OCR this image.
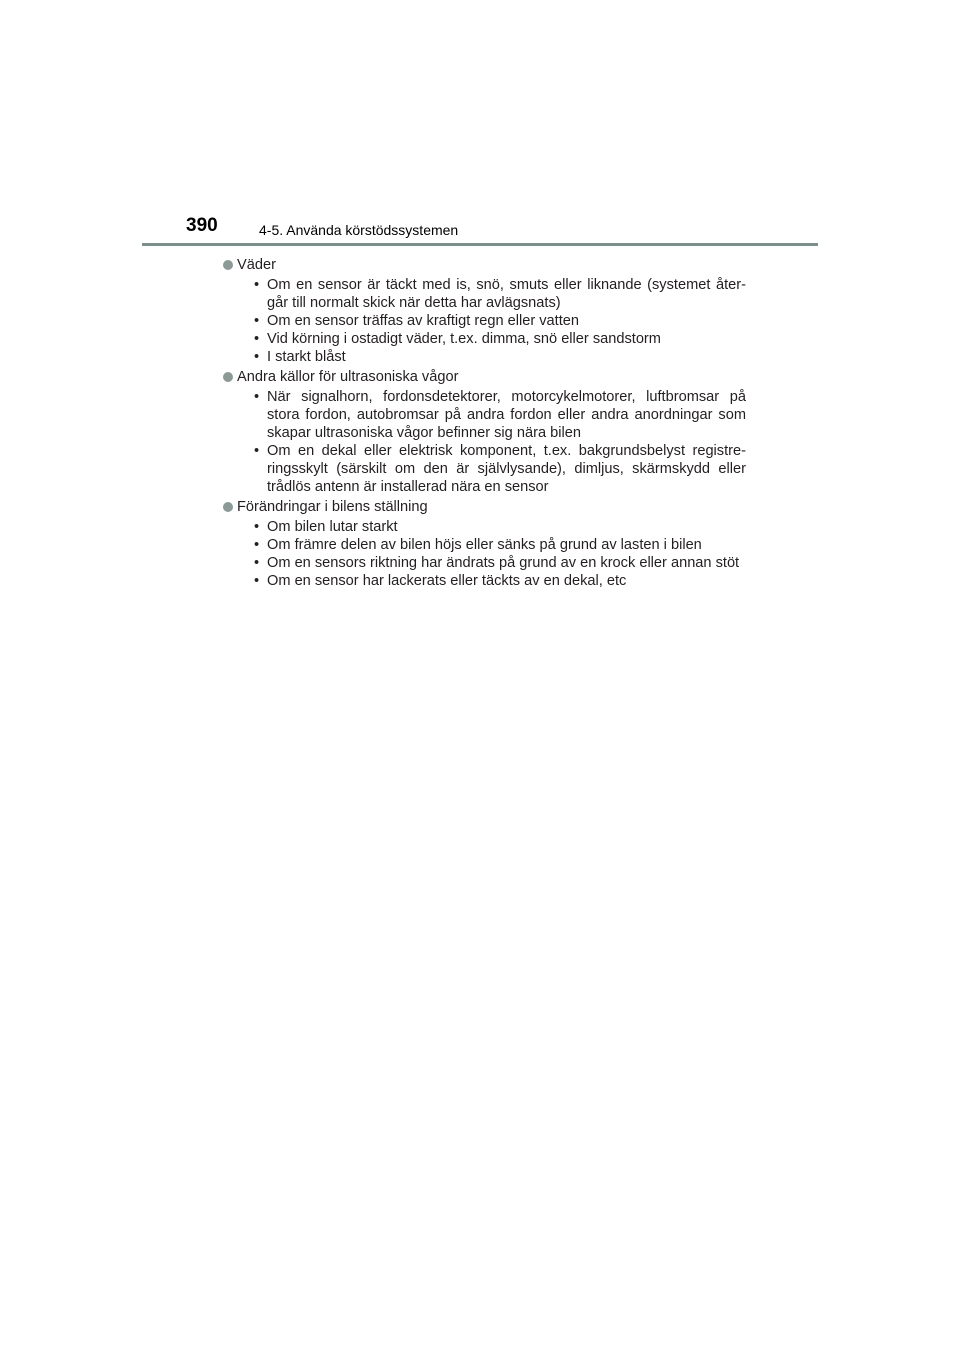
390	4-5. Använda körstödssystemen
Väder
• Om en sensor är täckt med is, snö, smuts eller liknande (systemet åter-går till normalt skick när detta har avlägsnats)
• Om en sensor träffas av kraftigt regn eller vatten
• Vid körning i ostadigt väder, t.ex. dimma, snö eller sandstorm
• I starkt blåst
Andra källor för ultrasoniska vågor
• När signalhorn, fordonsdetektorer, motorcykelmotorer, luftbromsar på stora fordon, autobromsar på andra fordon eller andra anordningar som skapar ultrasoniska vågor befinner sig nära bilen
• Om en dekal eller elektrisk komponent, t.ex. bakgrundsbelyst registre-ringsskylt (särskilt om den är självlysande), dimljus, skärmskydd eller trådlös antenn är installerad nära en sensor
Förändringar i bilens ställning
• Om bilen lutar starkt
• Om främre delen av bilen höjs eller sänks på grund av lasten i bilen
• Om en sensors riktning har ändrats på grund av en krock eller annan stöt
• Om en sensor har lackerats eller täckts av en dekal, etc
